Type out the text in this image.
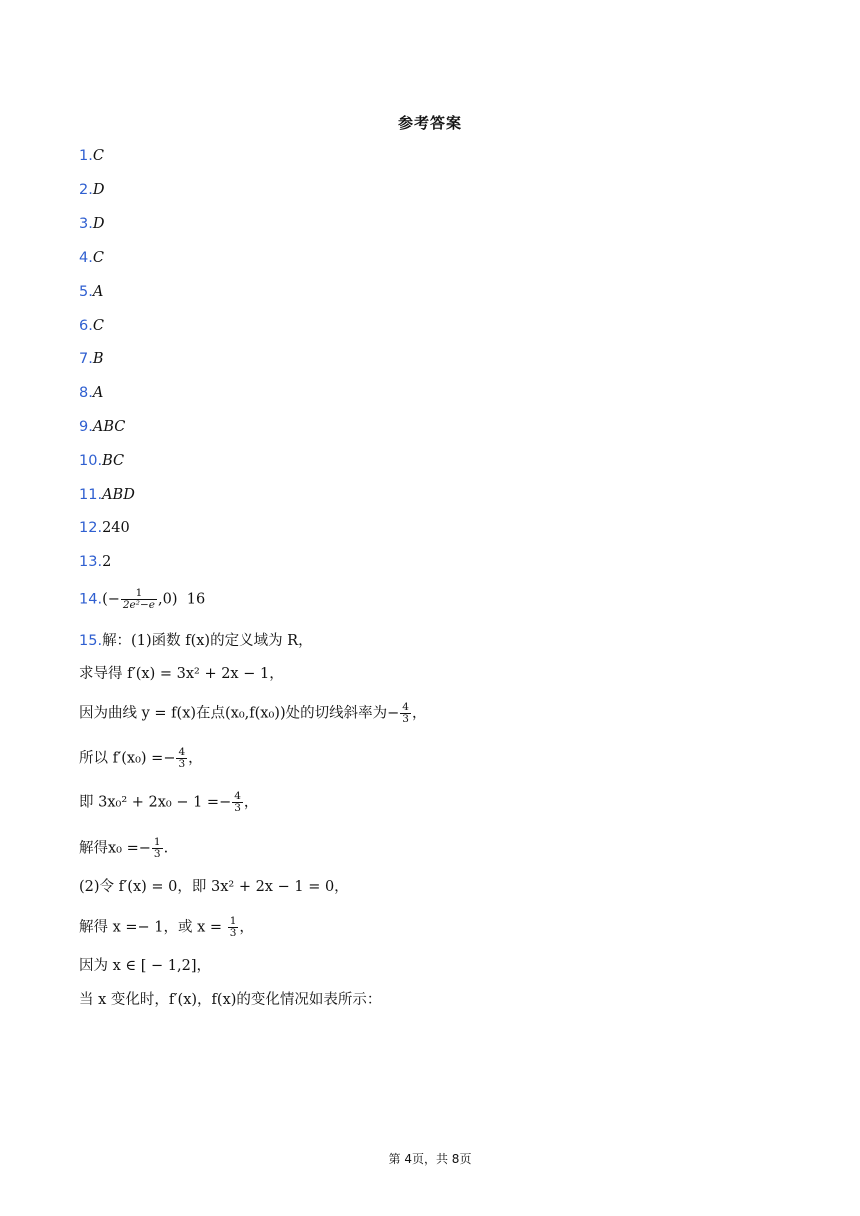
参考答案
1.C
2.D
3.D
4.C
5.A
6.C
7.B
8.A
9.ABC
10.BC
11.ABD
12.240
13.2
$14.(- \frac{1}{\text{2e²−e}} ,0)$ 16
15.解：(1)函数 f(x)的定义域为 R，
求导得 f′(x) = 3x² + 2x − 1，
因为曲线 y = f(x)在点(x₀,f(x₀))处的切线斜率为− $\frac{4}{3}$ ，
所以 $f'(x_0) =- \frac{4}{3}$ ，
即 $3x_0^2 + 2x_0 - 1 =- \frac{4}{3}$ ，
解得$x_0 =- \frac{1}{3}$ .
(2)令 f′(x) = 0，即 3x² + 2x − 1 = 0，
解得 x =− 1，或 $x = \frac{1}{3}$ ，
因为 x ∈ [ − 1,2]，
当 x 变化时，f′(x)，f(x)的变化情况如表所示：
第 4页，共 8页
